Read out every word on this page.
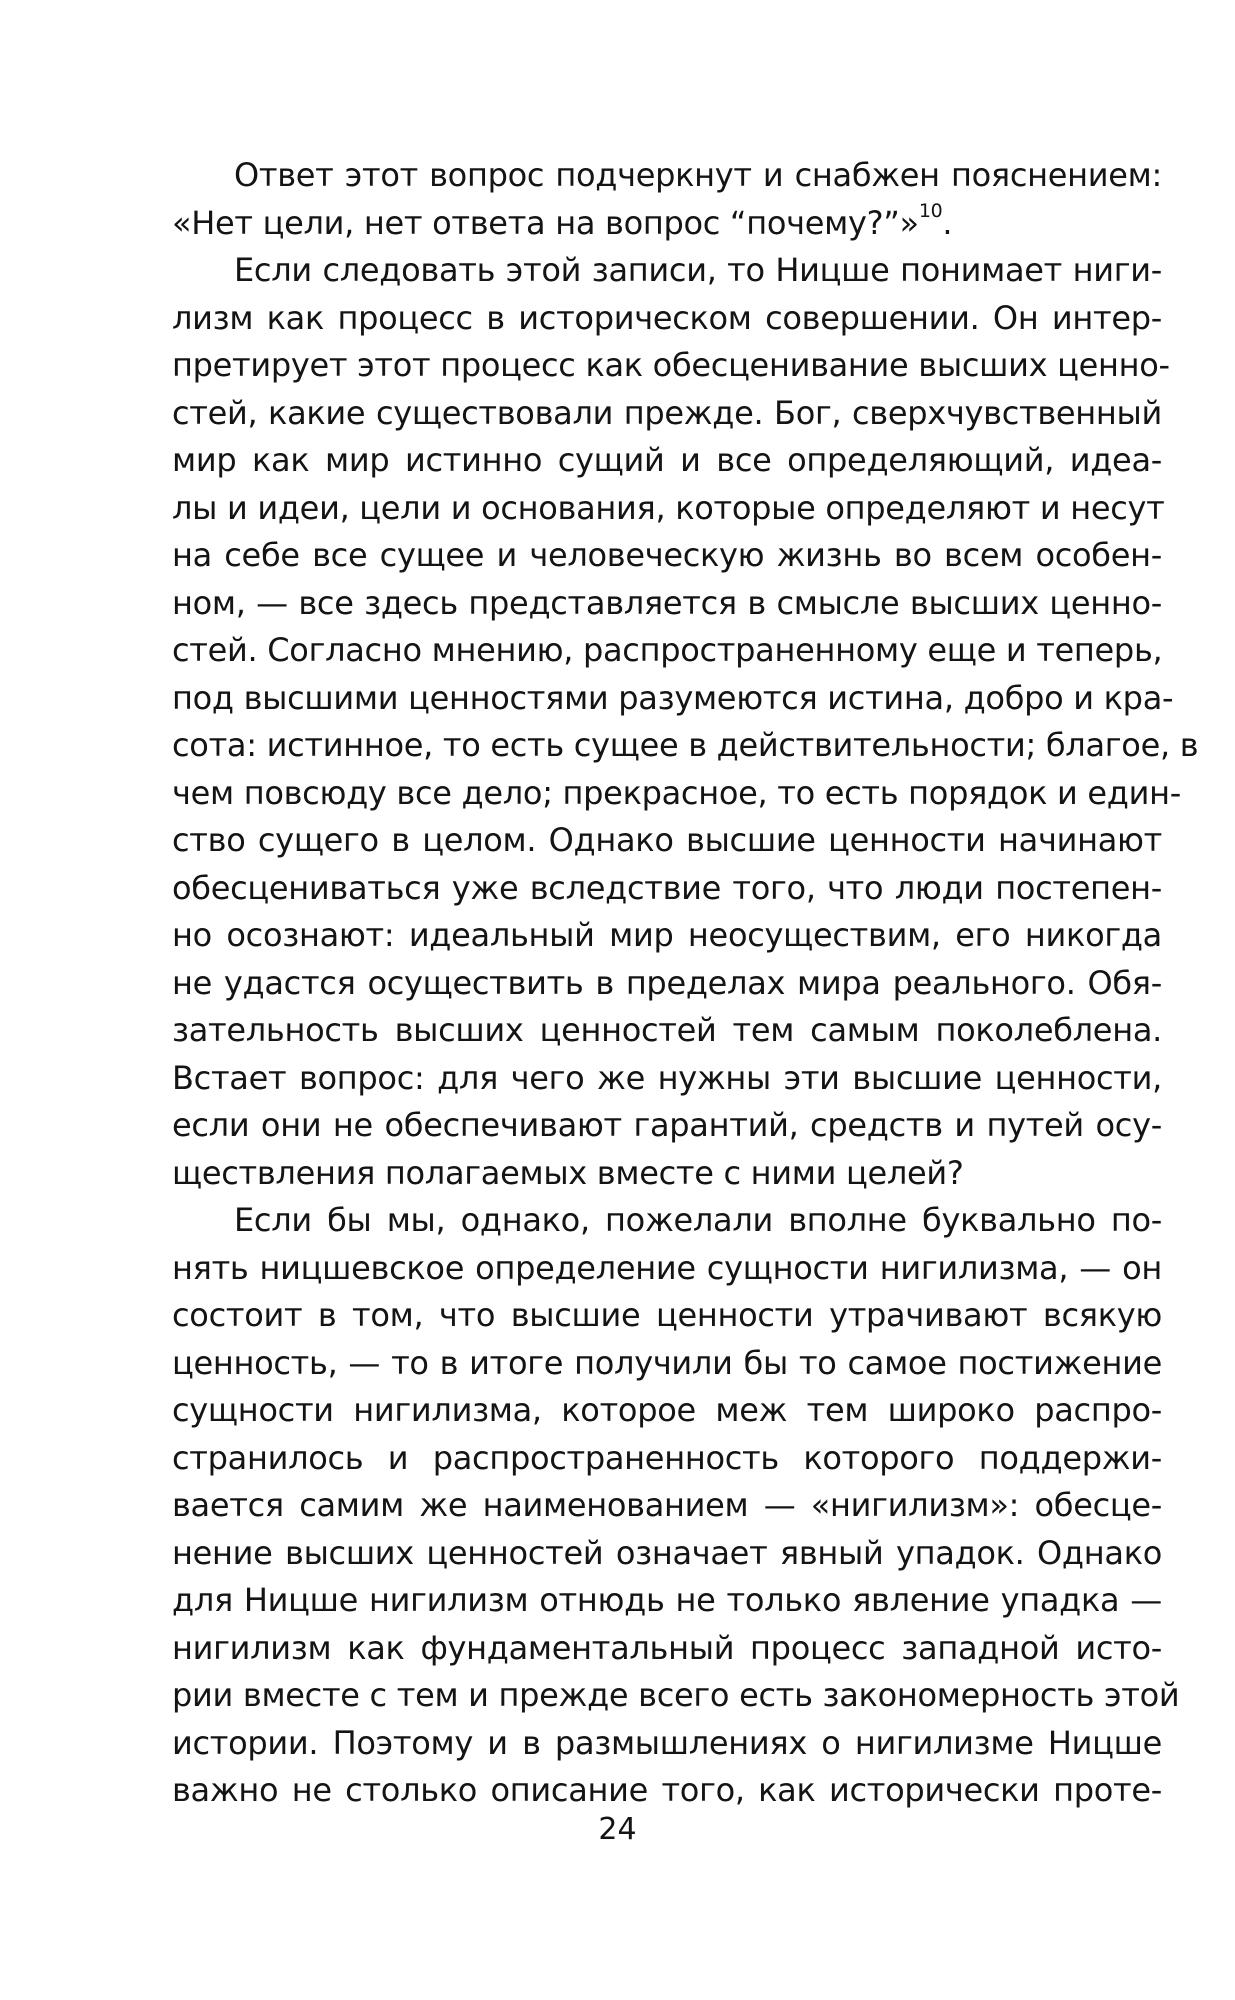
Ответ этот вопрос подчеркнут и снабжен пояснением:
«Нет цели, нет ответа на вопрос “почему?”»$^{10}$.
Если следовать этой записи, то Ницше понимает ниги-
лизм как процесс в историческом совершении. Он интер-
претирует этот процесс как обесценивание высших ценно-
стей, какие существовали прежде. Бог, сверхчувственный
мир как мир истинно сущий и все определяющий, идеа-
лы и идеи, цели и основания, которые определяют и несут
на себе все сущее и человеческую жизнь во всем особен-
ном, — все здесь представляется в смысле высших ценно-
стей. Согласно мнению, распространенному еще и теперь,
под высшими ценностями разумеются истина, добро и кра-
сота: истинное, то есть сущее в действительности; благое, в
чем повсюду все дело; прекрасное, то есть порядок и един-
ство сущего в целом. Однако высшие ценности начинают
обесцениваться уже вследствие того, что люди постепен-
но осознают: идеальный мир неосуществим, его никогда
не удастся осуществить в пределах мира реального. Обя-
зательность высших ценностей тем самым поколеблена.
Встает вопрос: для чего же нужны эти высшие ценности,
если они не обеспечивают гарантий, средств и путей осу-
ществления полагаемых вместе с ними целей?
Если бы мы, однако, пожелали вполне буквально по-
нять ницшевское определение сущности нигилизма, — он
состоит в том, что высшие ценности утрачивают всякую
ценность, — то в итоге получили бы то самое постижение
сущности нигилизма, которое меж тем широко распро-
странилось и распространенность которого поддержи-
вается самим же наименованием — «нигилизм»: обесце-
нение высших ценностей означает явный упадок. Однако
для Ницше нигилизм отнюдь не только явление упадка —
нигилизм как фундаментальный процесс западной исто-
рии вместе с тем и прежде всего есть закономерность этой
истории. Поэтому и в размышлениях о нигилизме Ницше
важно не столько описание того, как исторически проте-
24
